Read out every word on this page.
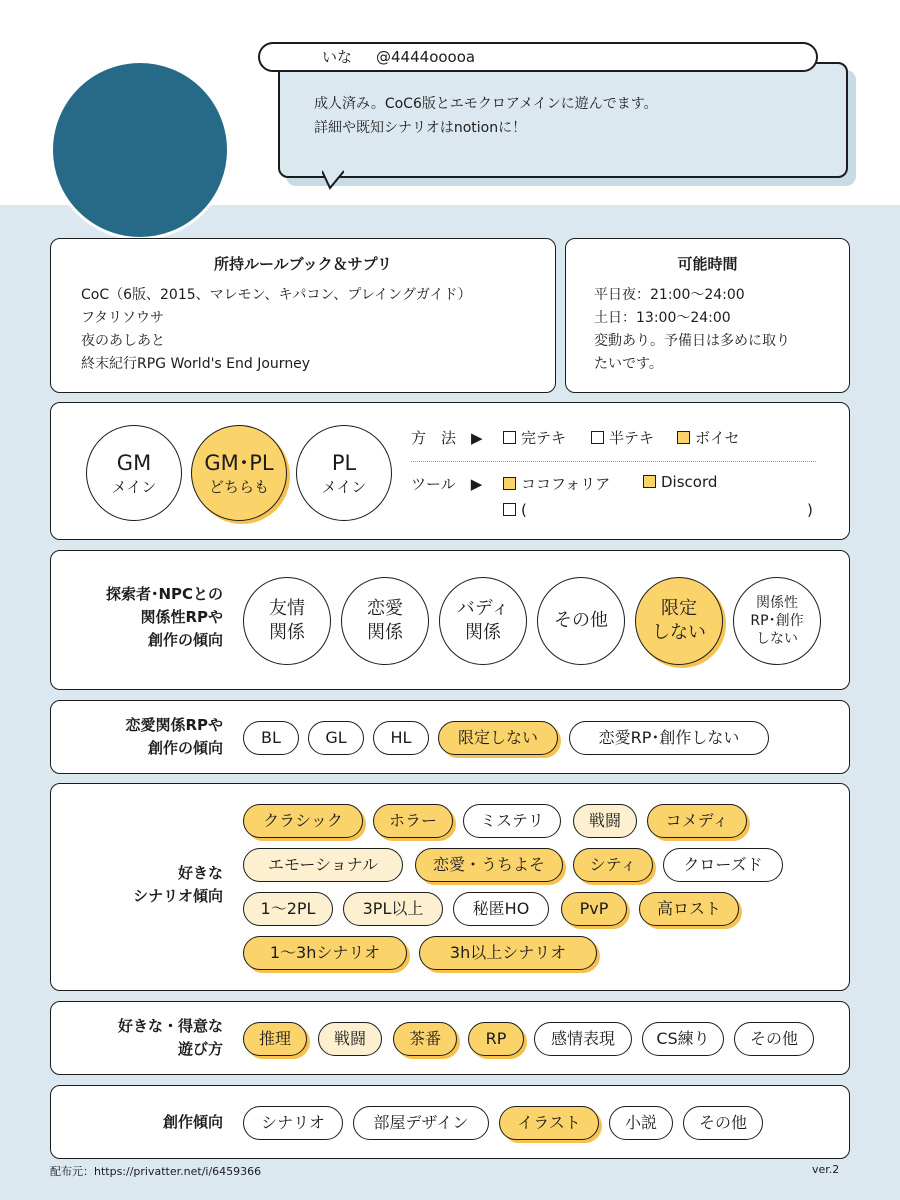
成人済み。CoC6版とエモクロアメインに遊んでます。
詳細や既知シナリオはnotionに！
いな @4444ooooa
所持ルールブック＆サプリ
CoC（6版、2015、マレモン、キパコン、プレイングガイド）
フタリソウサ
夜のあしあと
終末紀行RPG World's End Journey
可能時間
平日夜：21:00〜24:00
土日：13:00〜24:00
変動あり。予備日は多めに取り
たいです。
GM
メイン
GM･PL
どちらも
PL
メイン
方　法　▶	完テキ	半テキ	ボイセ
ツール　▶	ココフォリア	Discord
(	)
探索者･NPCとの
関係性RPや
創作の傾向
友情
関係
恋愛
関係
バディ
関係
その他
限定
しない
関係性
RP･創作
しない
恋愛関係RPや
創作の傾向
BL	GL	HL	限定しない	恋愛RP･創作しない
好きな
シナリオ傾向
クラシック	ホラー	ミステリ	戦闘	コメディ
エモーショナル	恋愛・うちよそ	シティ	クローズド
1〜2PL	3PL以上	秘匿HO	PvP	高ロスト
1〜3hシナリオ	3h以上シナリオ
好きな・得意な
遊び方
推理	戦闘	茶番	RP	感情表現	CS練り	その他
創作傾向	シナリオ	部屋デザイン	イラスト	小説	その他
配布元：https://privatter.net/i/6459366	ver.2
